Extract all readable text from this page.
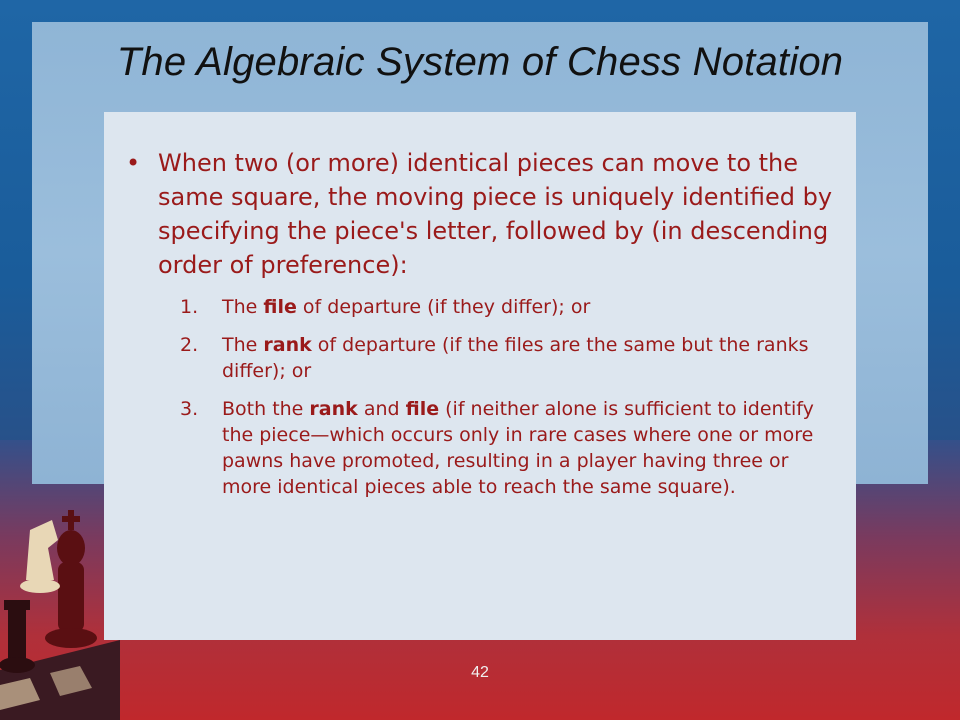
The Algebraic System of Chess Notation
• When two (or more) identical pieces can move to the same square, the moving piece is uniquely identified by specifying the piece's letter, followed by (in descending order of preference):
1.	The file of departure (if they differ); or
2.	The rank of departure (if the files are the same but the ranks differ); or
3.	Both the rank and file (if neither alone is sufficient to identify the piece—which occurs only in rare cases where one or more pawns have promoted, resulting in a player having three or more identical pieces able to reach the same square).
42
